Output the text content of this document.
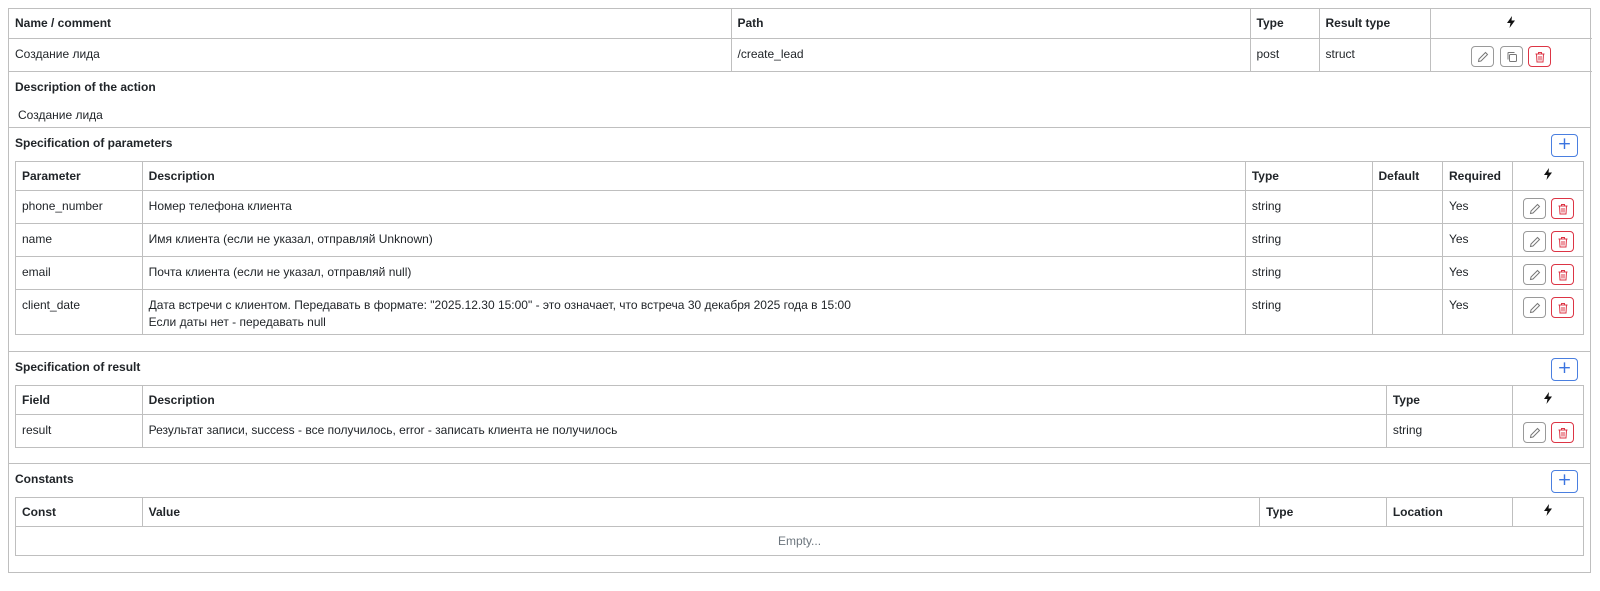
Name / comment	Path	Type	Result type	
Создание лида	/create_lead	post	struct	

Description of the action
Создание лида
Specification of parameters	+
Parameter	Description	Type	Default	Required	
phone_number	Номер телефона клиента	string		Yes	

name	Имя клиента (если не указал, отправляй Unknown)	string		Yes	

email	Почта клиента (если не указал, отправляй null)	string		Yes	

client_date	Дата встречи с клиентом. Передавать в формате: "2025.12.30 15:00" - это означает, что встреча 30 декабря 2025 года в 15:00
Если даты нет - передавать null	string		Yes	

Specification of result	+
Field	Description	Type	
result	Результат записи, success - все получилось, error - записать клиента не получилось	string	

Constants	+
Const	Value	Type	Location	
Empty...
